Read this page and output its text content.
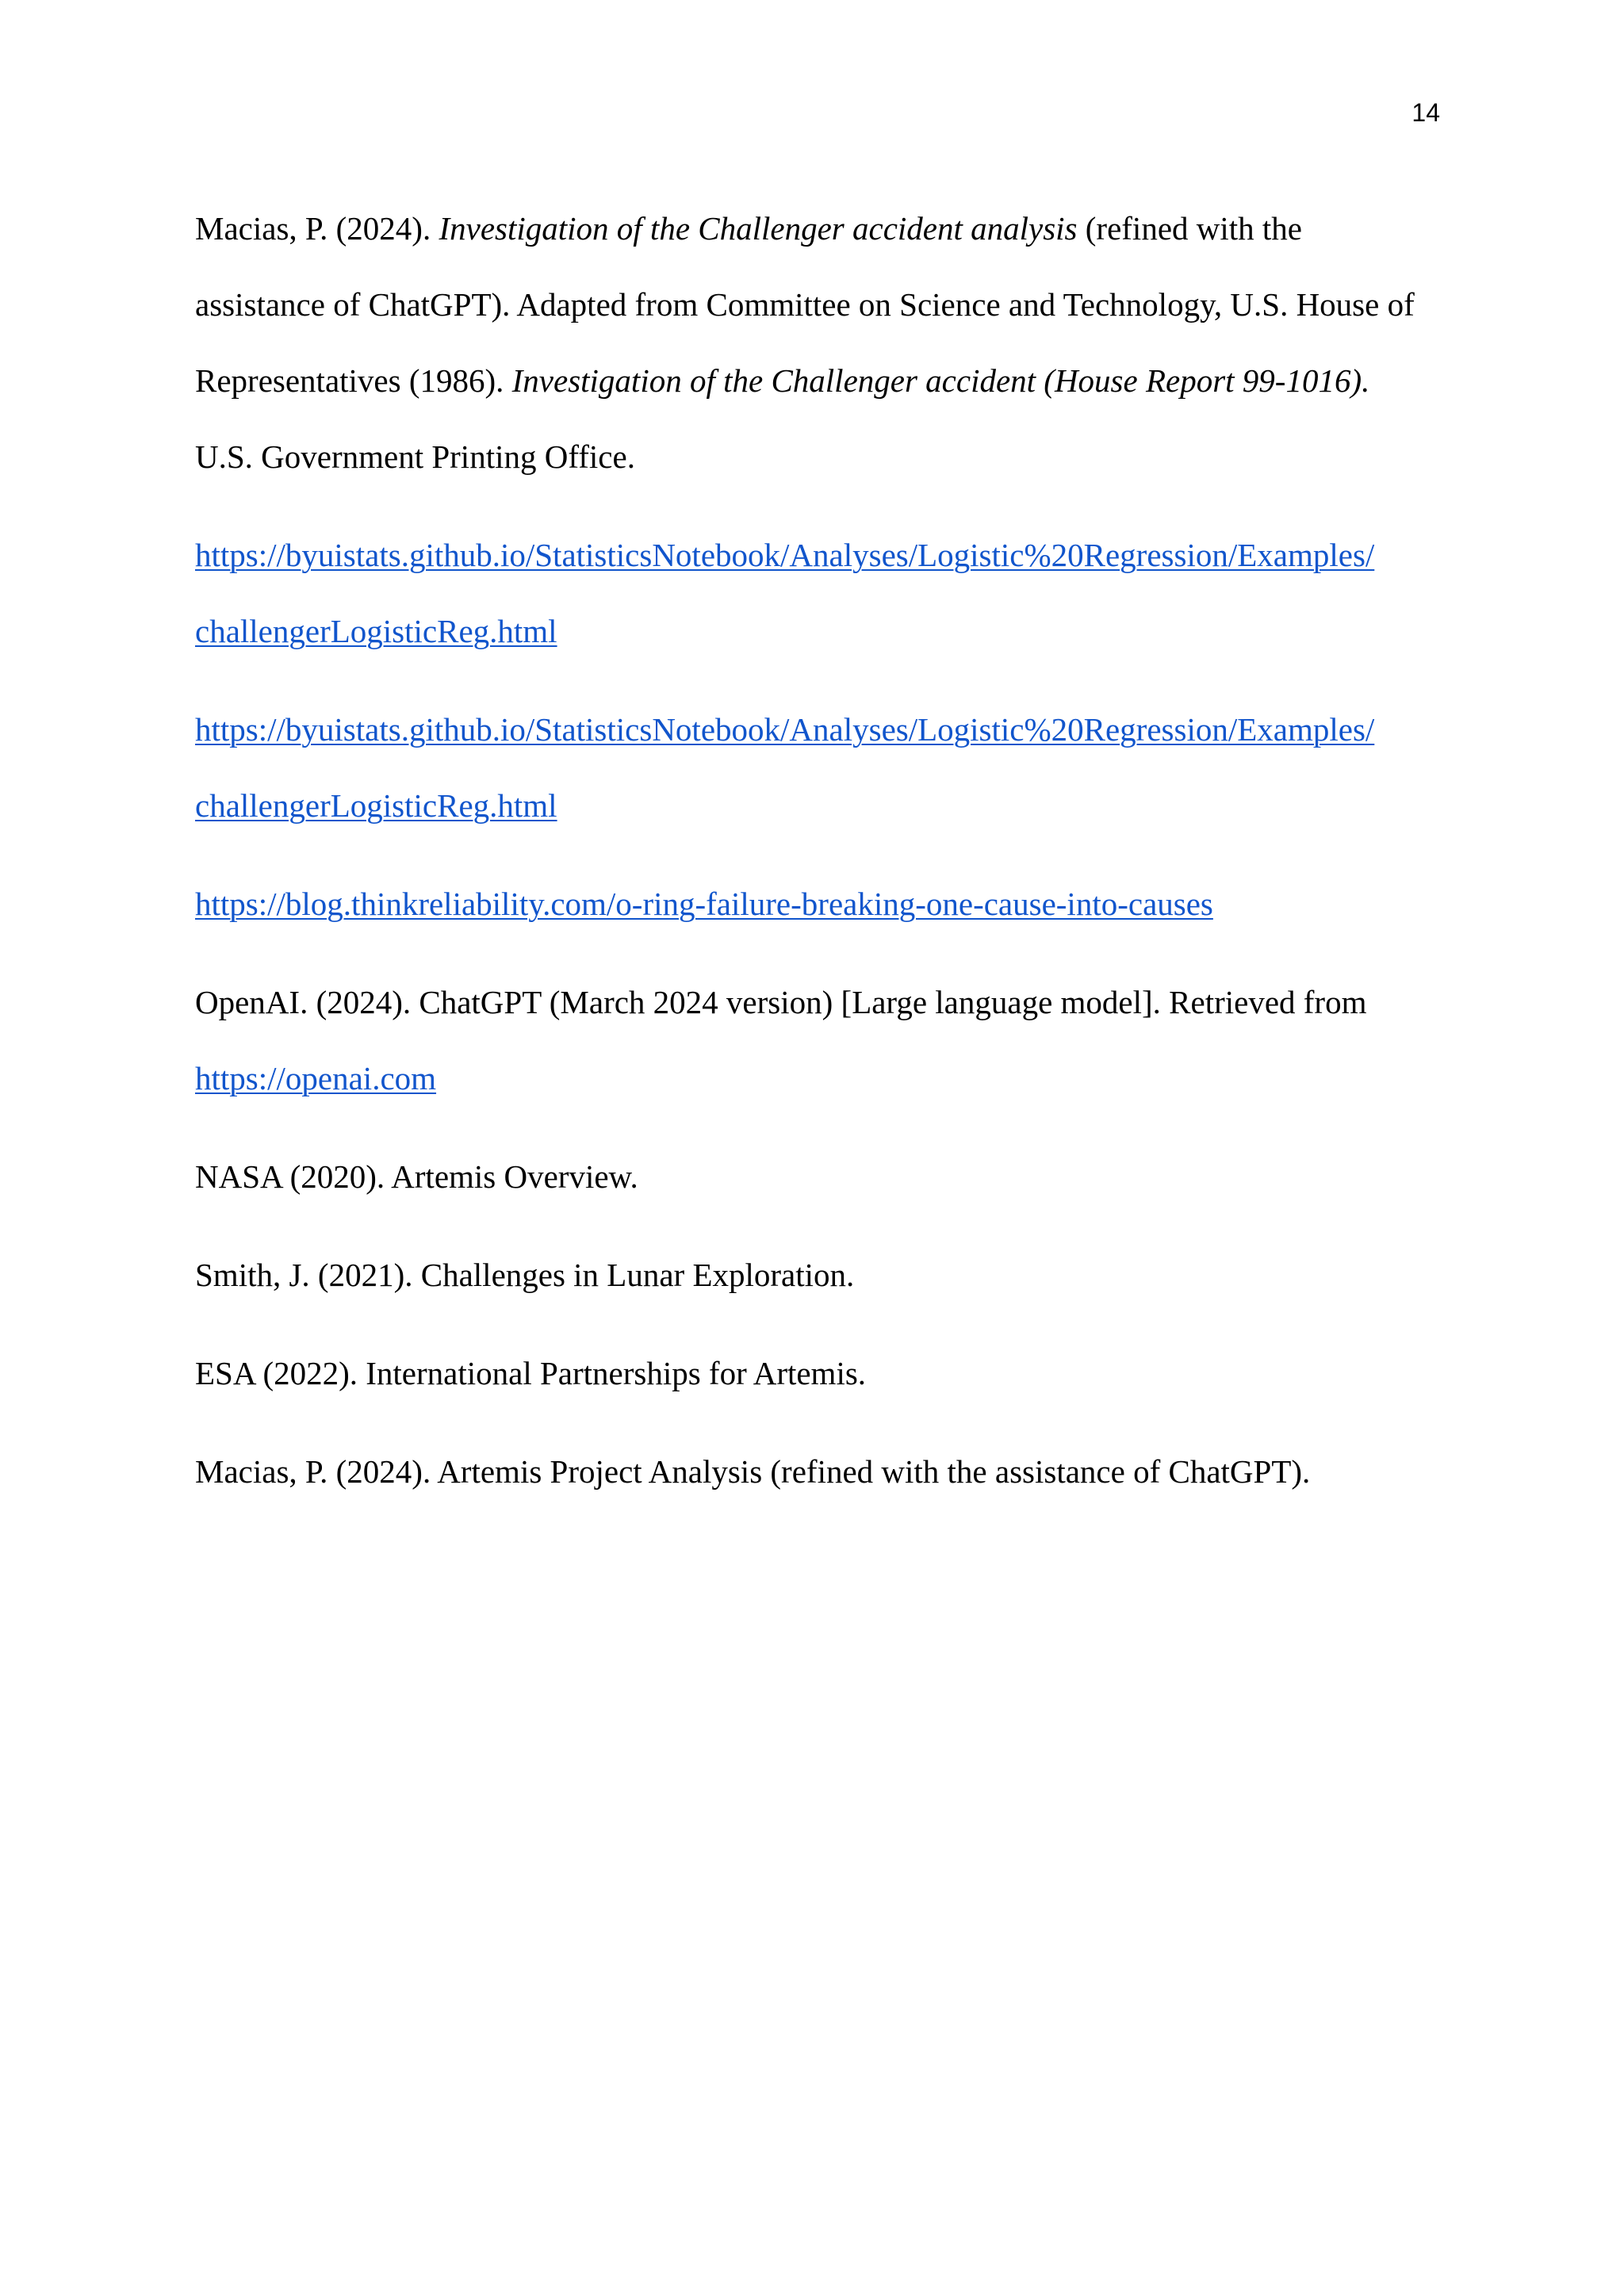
14
Macias, P. (2024). Investigation of the Challenger accident analysis (refined with the
assistance of ChatGPT). Adapted from Committee on Science and Technology, U.S. House of
Representatives (1986). Investigation of the Challenger accident (House Report 99-1016).
U.S. Government Printing Office.
https://byuistats.github.io/StatisticsNotebook/Analyses/Logistic%20Regression/Examples/
challengerLogisticReg.html
https://byuistats.github.io/StatisticsNotebook/Analyses/Logistic%20Regression/Examples/
challengerLogisticReg.html
https://blog.thinkreliability.com/o-ring-failure-breaking-one-cause-into-causes
OpenAI. (2024). ChatGPT (March 2024 version) [Large language model]. Retrieved from
https://openai.com
NASA (2020). Artemis Overview.
Smith, J. (2021). Challenges in Lunar Exploration.
ESA (2022). International Partnerships for Artemis.
Macias, P. (2024). Artemis Project Analysis (refined with the assistance of ChatGPT).
